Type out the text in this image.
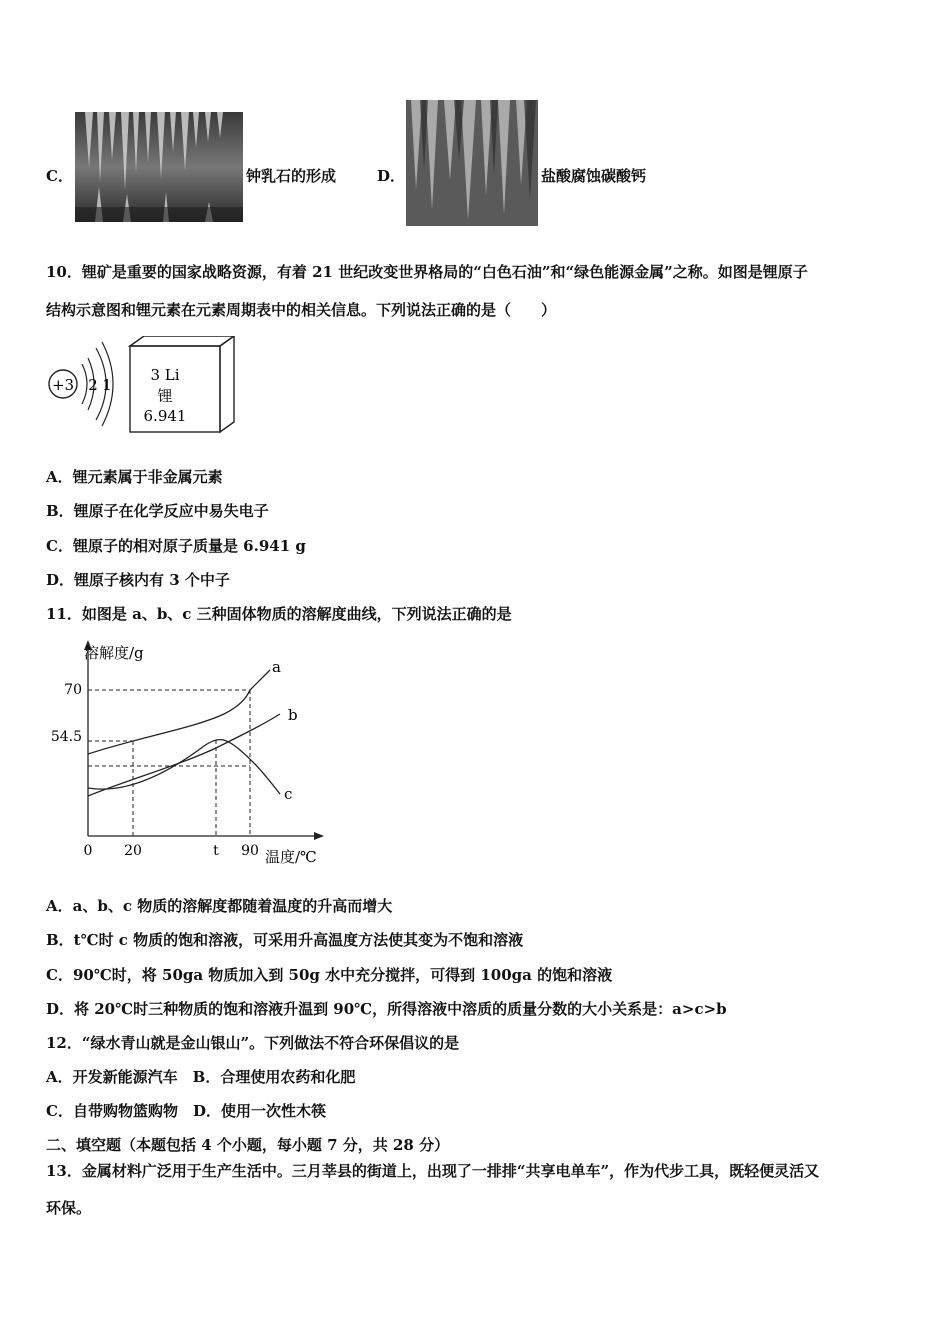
C．	钟乳石的形成	D．	盐酸腐蚀碳酸钙
10．锂矿是重要的国家战略资源，有着 21 世纪改变世界格局的“白色石油”和“绿色能源金属”之称。如图是锂原子
结构示意图和锂元素在元素周期表中的相关信息。下列说法正确的是（　　）
+3 2 1
3 Li
锂
6.941
A．锂元素属于非金属元素
B．锂原子在化学反应中易失电子
C．锂原子的相对原子质量是 6.941 g
D．锂原子核内有 3 个中子
11．如图是 a、b、c 三种固体物质的溶解度曲线，下列说法正确的是
溶解度/g
温度/℃
0 20	t 90
54.5
70
a
b
c
A．a、b、c 物质的溶解度都随着温度的升高而增大
B．t℃时 c 物质的饱和溶液，可采用升高温度方法使其变为不饱和溶液
C．90℃时，将 50ga 物质加入到 50g 水中充分搅拌，可得到 100ga 的饱和溶液
D．将 20℃时三种物质的饱和溶液升温到 90℃，所得溶液中溶质的质量分数的大小关系是：a>c>b
12．“绿水青山就是金山银山”。下列做法不符合环保倡议的是
A．开发新能源汽车　B．合理使用农药和化肥
C．自带购物篮购物　D．使用一次性木筷
二、填空题（本题包括 4 个小题，每小题 7 分，共 28 分）
13．金属材料广泛用于生产生活中。三月莘县的街道上，出现了一排排“共享电单车”，作为代步工具，既轻便灵活又
环保。
